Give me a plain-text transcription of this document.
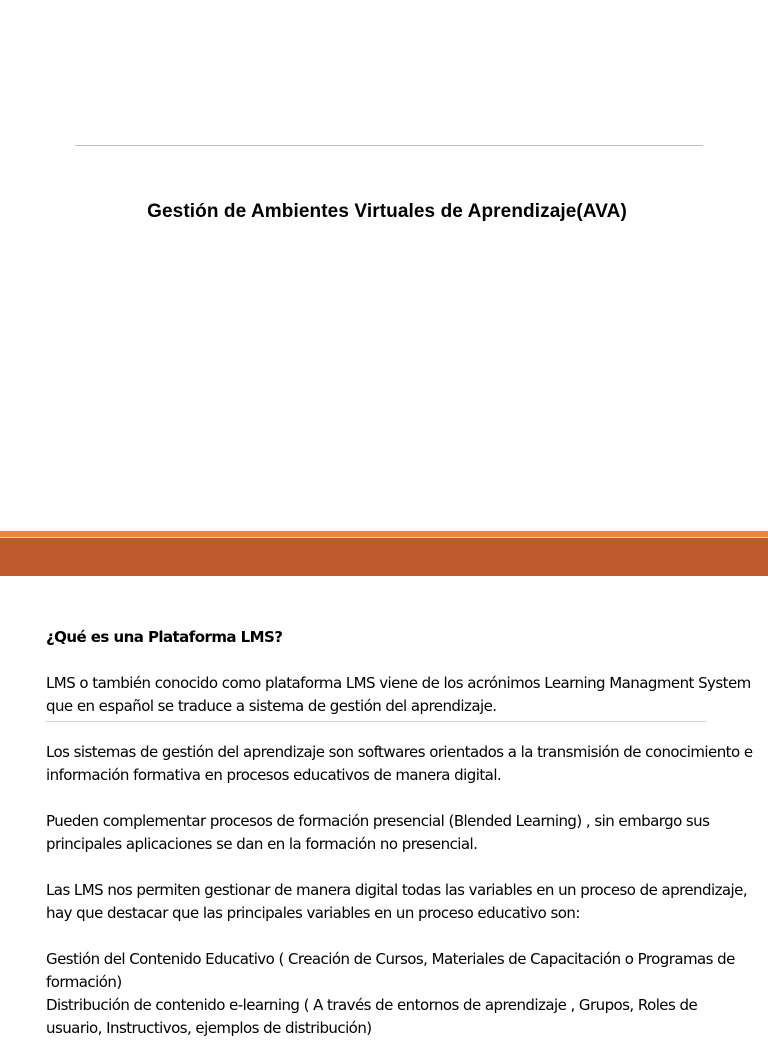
Gestión de Ambientes Virtuales de Aprendizaje(AVA)

¿Qué es una Plataforma LMS?

LMS o también conocido como plataforma LMS viene de los acrónimos Learning Managment System que en español se traduce a sistema de gestión del aprendizaje.

Los sistemas de gestión del aprendizaje son softwares orientados a la transmisión de conocimiento e información formativa en procesos educativos de manera digital.

Pueden complementar procesos de formación presencial (Blended Learning) , sin embargo sus principales aplicaciones se dan en la formación no presencial.

Las LMS nos permiten gestionar de manera digital todas las variables en un proceso de aprendizaje, hay que destacar que las principales variables en un proceso educativo son:

Gestión del Contenido Educativo ( Creación de Cursos, Materiales de Capacitación o Programas de formación)

Distribución de contenido e-learning ( A través de entornos de aprendizaje , Grupos, Roles de usuario, Instructivos, ejemplos de distribución)
